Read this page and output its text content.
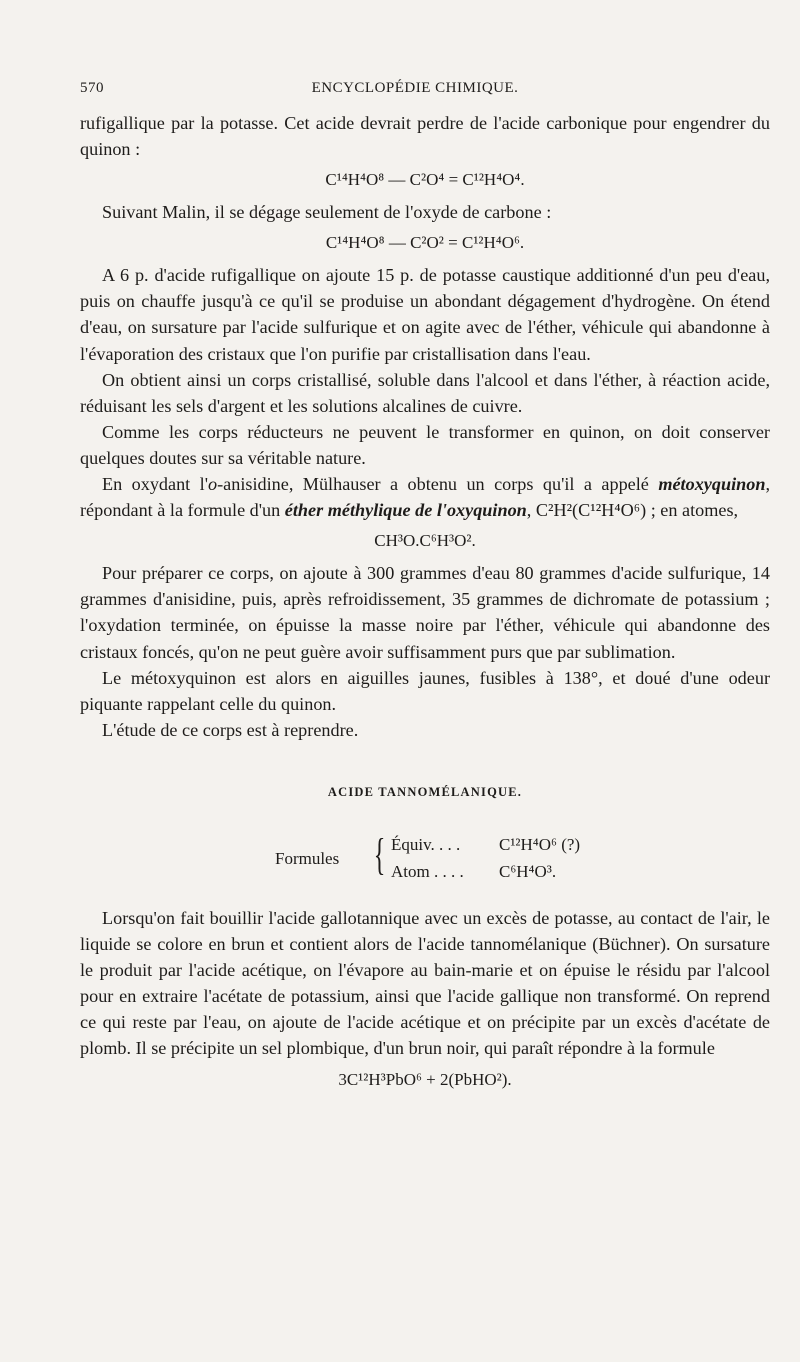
570	ENCYCLOPÉDIE CHIMIQUE.

rufigallique par la potasse. Cet acide devrait perdre de l'acide carbonique pour engendrer du quinon :

C¹⁴H⁴O⁸ — C²O⁴ = C¹²H⁴O⁴.

Suivant Malin, il se dégage seulement de l'oxyde de carbone :

C¹⁴H⁴O⁸ — C²O² = C¹²H⁴O⁶.

A 6 p. d'acide rufigallique on ajoute 15 p. de potasse caustique additionné d'un peu d'eau, puis on chauffe jusqu'à ce qu'il se produise un abondant dégagement d'hydrogène. On étend d'eau, on sursature par l'acide sulfurique et on agite avec de l'éther, véhicule qui abandonne à l'évaporation des cristaux que l'on purifie par cristallisation dans l'eau.

On obtient ainsi un corps cristallisé, soluble dans l'alcool et dans l'éther, à réaction acide, réduisant les sels d'argent et les solutions alcalines de cuivre.

Comme les corps réducteurs ne peuvent le transformer en quinon, on doit conserver quelques doutes sur sa véritable nature.

En oxydant l'o-anisidine, Mülhauser a obtenu un corps qu'il a appelé métoxyquinon, répondant à la formule d'un éther méthylique de l'oxyquinon, C²H²(C¹²H⁴O⁶) ; en atomes,

CH³O.C⁶H³O².

Pour préparer ce corps, on ajoute à 300 grammes d'eau 80 grammes d'acide sulfurique, 14 grammes d'anisidine, puis, après refroidissement, 35 grammes de dichromate de potassium ; l'oxydation terminée, on épuisse la masse noire par l'éther, véhicule qui abandonne des cristaux foncés, qu'on ne peut guère avoir suffisamment purs que par sublimation.

Le métoxyquinon est alors en aiguilles jaunes, fusibles à 138°, et doué d'une odeur piquante rappelant celle du quinon.

L'étude de ce corps est à reprendre.

ACIDE TANNOMÉLANIQUE.
Formules { Équiv. . . . C¹²H⁴O⁶ (?)
Atom . . . . C⁶H⁴O³.

Lorsqu'on fait bouillir l'acide gallotannique avec un excès de potasse, au contact de l'air, le liquide se colore en brun et contient alors de l'acide tannomélanique (Büchner). On sursature le produit par l'acide acétique, on l'évapore au bain-marie et on épuise le résidu par l'alcool pour en extraire l'acétate de potassium, ainsi que l'acide gallique non transformé. On reprend ce qui reste par l'eau, on ajoute de l'acide acétique et on précipite par un excès d'acétate de plomb. Il se précipite un sel plombique, d'un brun noir, qui paraît répondre à la formule

3C¹²H³PbO⁶ + 2(PbHO²).
